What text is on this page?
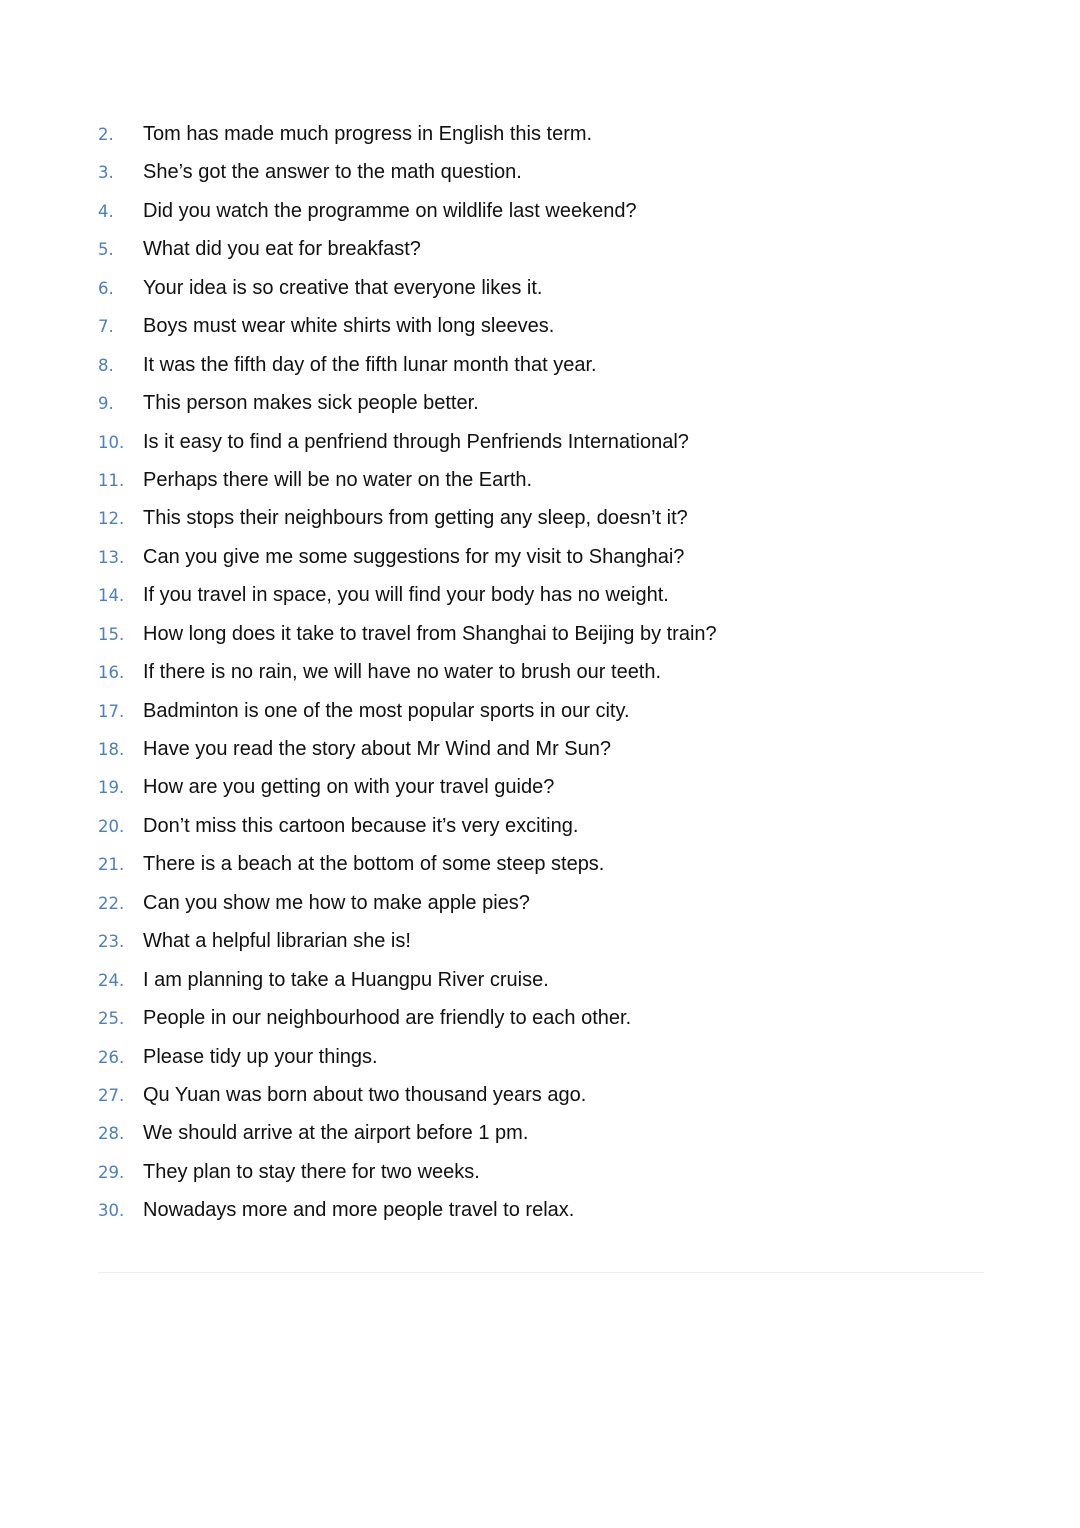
2.	Tom has made much progress in English this term.
3.	She’s got the answer to the math question.
4.	Did you watch the programme on wildlife last weekend?
5.	What did you eat for breakfast?
6.	Your idea is so creative that everyone likes it.
7.	Boys must wear white shirts with long sleeves.
8.	It was the fifth day of the fifth lunar month that year.
9.	This person makes sick people better.
10. Is it easy to find a penfriend through Penfriends International?
11. Perhaps there will be no water on the Earth.
12. This stops their neighbours from getting any sleep, doesn’t it?
13. Can you give me some suggestions for my visit to Shanghai?
14. If you travel in space, you will find your body has no weight.
15. How long does it take to travel from Shanghai to Beijing by train?
16. If there is no rain, we will have no water to brush our teeth.
17. Badminton is one of the most popular sports in our city.
18. Have you read the story about Mr Wind and Mr Sun?
19. How are you getting on with your travel guide?
20. Don’t miss this cartoon because it’s very exciting.
21. There is a beach at the bottom of some steep steps.
22. Can you show me how to make apple pies?
23. What a helpful librarian she is!
24. I am planning to take a Huangpu River cruise.
25. People in our neighbourhood are friendly to each other.
26. Please tidy up your things.
27. Qu Yuan was born about two thousand years ago.
28. We should arrive at the airport before 1 pm.
29. They plan to stay there for two weeks.
30. Nowadays more and more people travel to relax.
